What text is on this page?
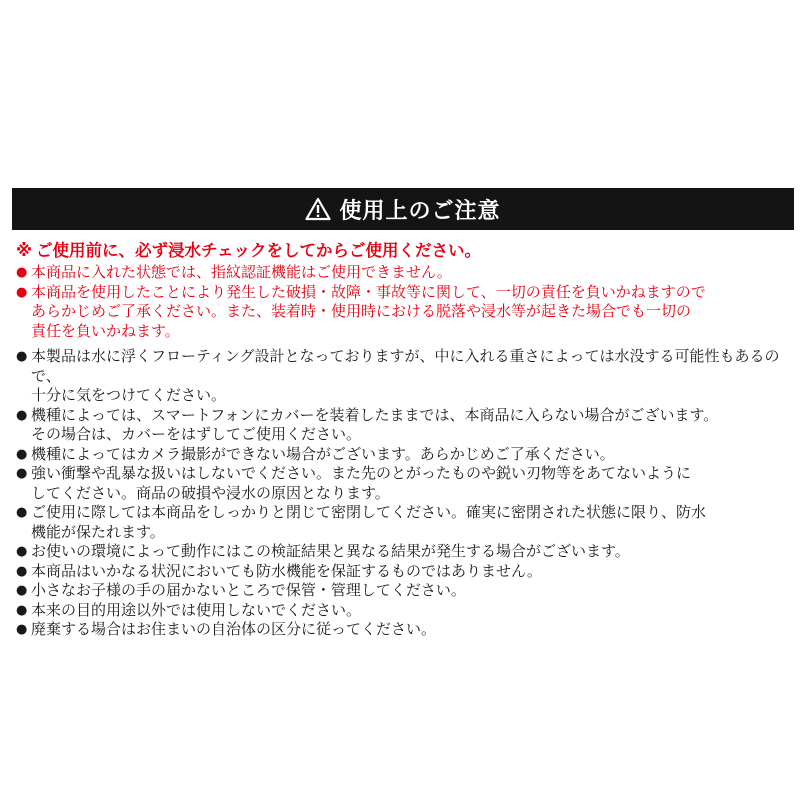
使用上のご注意
※ ご使用前に、必ず浸水チェックをしてからご使用ください。
● 本商品に入れた状態では、指紋認証機能はご使用できません。
● 本商品を使用したことにより発生した破損・故障・事故等に関して、一切の責任を負いかねますので
あらかじめご了承ください。また、装着時・使用時における脱落や浸水等が起きた場合でも一切の
責任を負いかねます。
● 本製品は水に浮くフローティング設計となっておりますが、中に入れる重さによっては水没する可能性もあるので、
十分に気をつけてください。
● 機種によっては、スマートフォンにカバーを装着したままでは、本商品に入らない場合がございます。
その場合は、カバーをはずしてご使用ください。
● 機種によってはカメラ撮影ができない場合がございます。あらかじめご了承ください。
● 強い衝撃や乱暴な扱いはしないでください。また先のとがったものや鋭い刃物等をあてないように
してください。商品の破損や浸水の原因となります。
● ご使用に際しては本商品をしっかりと閉じて密閉してください。確実に密閉された状態に限り、防水
機能が保たれます。
● お使いの環境によって動作にはこの検証結果と異なる結果が発生する場合がございます。
● 本商品はいかなる状況においても防水機能を保証するものではありません。
● 小さなお子様の手の届かないところで保管・管理してください。
● 本来の目的用途以外では使用しないでください。
● 廃棄する場合はお住まいの自治体の区分に従ってください。
